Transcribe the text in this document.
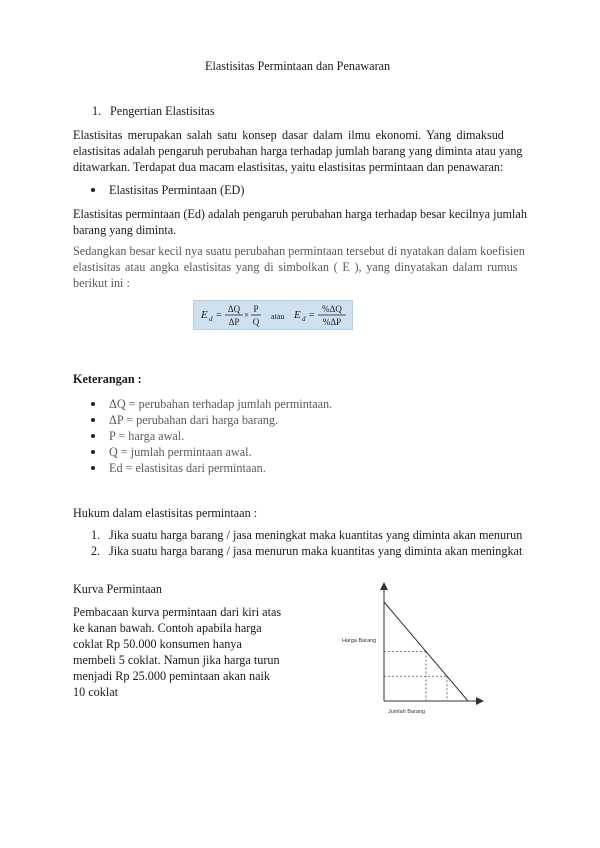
Elastisitas Permintaan dan Penawaran
1. Pengertian Elastisitas
Elastisitas merupakan salah satu konsep dasar dalam ilmu ekonomi. Yang dimaksud
elastisitas adalah pengaruh perubahan harga terhadap jumlah barang yang diminta atau yang
ditawarkan. Terdapat dua macam elastisitas, yaitu elastisitas permintaan dan penawaran:
Elastisitas Permintaan (ED)
Elastisitas permintaan (Ed) adalah pengaruh perubahan harga terhadap besar kecilnya jumlah
barang yang diminta.
Sedangkan besar kecil nya suatu perubahan permintaan tersebut di nyatakan dalam koefisien
elastisitas atau angka elastisitas yang di simbolkan ( E ), yang dinyatakan dalam rumus
berikut ini :
E d =
ΔQ
ΔP
×
P
Q
atau E d =
%ΔQ
%ΔP
Keterangan :
ΔQ = perubahan terhadap jumlah permintaan.
ΔP = perubahan dari harga barang.
P = harga awal.
Q = jumlah permintaan awal.
Ed = elastisitas dari permintaan.
Hukum dalam elastisitas permintaan :
1. Jika suatu harga barang / jasa meningkat maka kuantitas yang diminta akan menurun
2. Jika suatu harga barang / jasa menurun maka kuantitas yang diminta akan meningkat
Kurva Permintaan
Pembacaan kurva permintaan dari kiri atas
ke kanan bawah. Contoh apabila harga
coklat Rp 50.000 konsumen hanya
membeli 5 coklat. Namun jika harga turun
menjadi Rp 25.000 pemintaan akan naik
10 coklat
Harga Barang
Jumlah Barang
